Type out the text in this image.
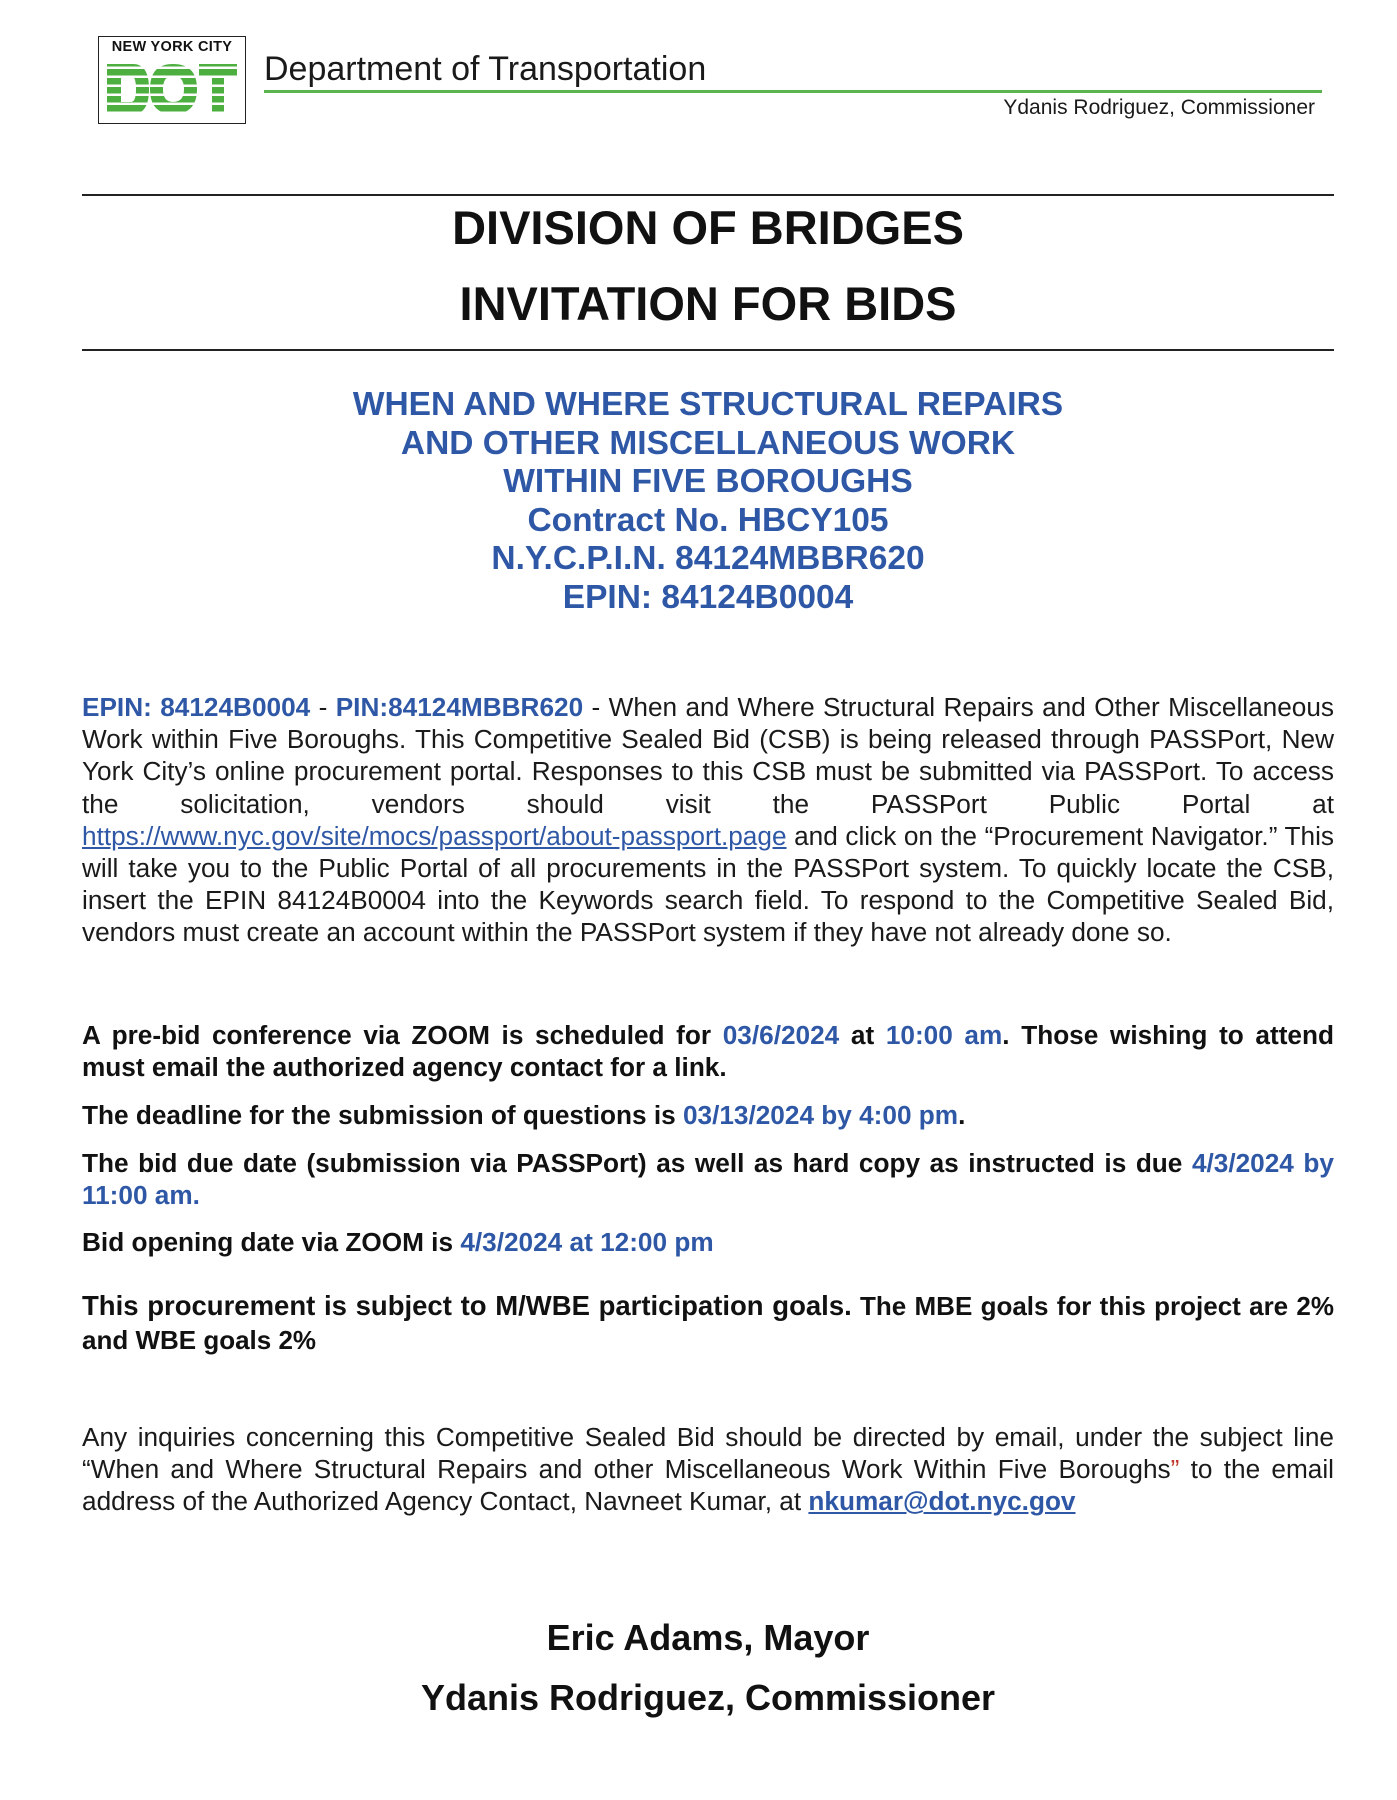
NEW YORK CITY
Department of Transportation
Ydanis Rodriguez, Commissioner
DIVISION OF BRIDGES
INVITATION FOR BIDS
WHEN AND WHERE STRUCTURAL REPAIRS
AND OTHER MISCELLANEOUS WORK
WITHIN FIVE BOROUGHS
Contract No. HBCY105
N.Y.C.P.I.N. 84124MBBR620
EPIN: 84124B0004
EPIN: 84124B0004 - PIN:84124MBBR620 - When and Where Structural Repairs and Other Miscellaneous Work within Five Boroughs. This Competitive Sealed Bid (CSB) is being released through PASSPort, New York City’s online procurement portal. Responses to this CSB must be submitted via PASSPort. To access the solicitation, vendors should visit the PASSPort Public Portal at https://www.nyc.gov/site/mocs/passport/about-passport.page and click on the “Procurement Navigator.” This will take you to the Public Portal of all procurements in the PASSPort system. To quickly locate the CSB, insert the EPIN 84124B0004 into the Keywords search field. To respond to the Competitive Sealed Bid, vendors must create an account within the PASSPort system if they have not already done so.
A pre-bid conference via ZOOM is scheduled for 03/6/2024 at 10:00 am. Those wishing to attend must email the authorized agency contact for a link.
The deadline for the submission of questions is 03/13/2024 by 4:00 pm.
The bid due date (submission via PASSPort) as well as hard copy as instructed is due 4/3/2024 by 11:00 am.
Bid opening date via ZOOM is 4/3/2024 at 12:00 pm
This procurement is subject to M/WBE participation goals. The MBE goals for this project are 2% and WBE goals 2%
Any inquiries concerning this Competitive Sealed Bid should be directed by email, under the subject line “When and Where Structural Repairs and other Miscellaneous Work Within Five Boroughs” to the email address of the Authorized Agency Contact, Navneet Kumar, at nkumar@dot.nyc.gov
Eric Adams, Mayor
Ydanis Rodriguez, Commissioner
